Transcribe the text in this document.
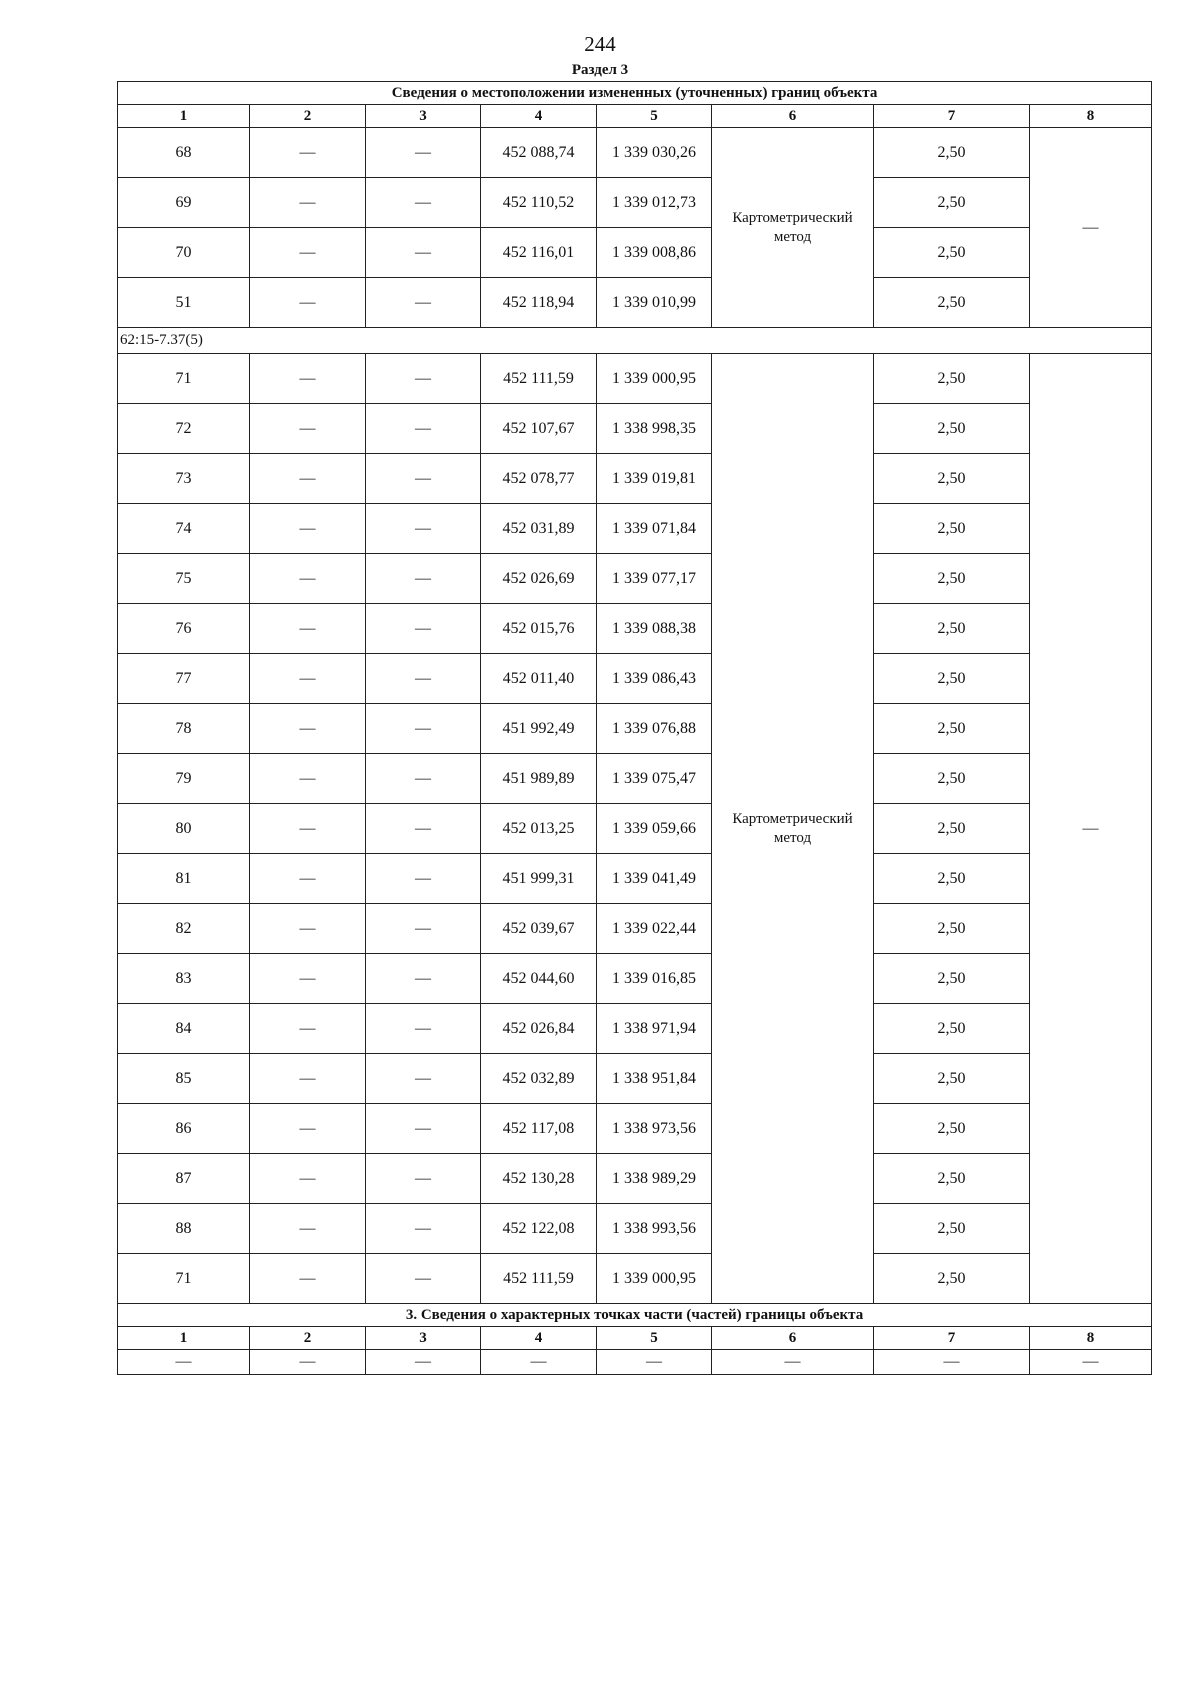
244
Раздел 3
Сведения о местоположении измененных (уточненных) границ объекта							
1	2	3	4	5	6	7	8
68	—	—	452 088,74	1 339 030,26	Картометрический метод	2,50	—
69	—	—	452 110,52	1 339 012,73		2,50	
70	—	—	452 116,01	1 339 008,86		2,50	
51	—	—	452 118,94	1 339 010,99		2,50	
62:15-7.37(5)							
71	—	—	452 111,59	1 339 000,95	Картометрический метод	2,50	—
72	—	—	452 107,67	1 338 998,35		2,50	
73	—	—	452 078,77	1 339 019,81		2,50	
74	—	—	452 031,89	1 339 071,84		2,50	
75	—	—	452 026,69	1 339 077,17		2,50	
76	—	—	452 015,76	1 339 088,38		2,50	
77	—	—	452 011,40	1 339 086,43		2,50	
78	—	—	451 992,49	1 339 076,88		2,50	
79	—	—	451 989,89	1 339 075,47		2,50	
80	—	—	452 013,25	1 339 059,66		2,50	
81	—	—	451 999,31	1 339 041,49		2,50	
82	—	—	452 039,67	1 339 022,44		2,50	
83	—	—	452 044,60	1 339 016,85		2,50	
84	—	—	452 026,84	1 338 971,94		2,50	
85	—	—	452 032,89	1 338 951,84		2,50	
86	—	—	452 117,08	1 338 973,56		2,50	
87	—	—	452 130,28	1 338 989,29		2,50	
88	—	—	452 122,08	1 338 993,56		2,50	
71	—	—	452 111,59	1 339 000,95		2,50	
3. Сведения о характерных точках части (частей) границы объекта							
1	2	3	4	5	6	7	8
—	—	—	—	—	—	—	—
